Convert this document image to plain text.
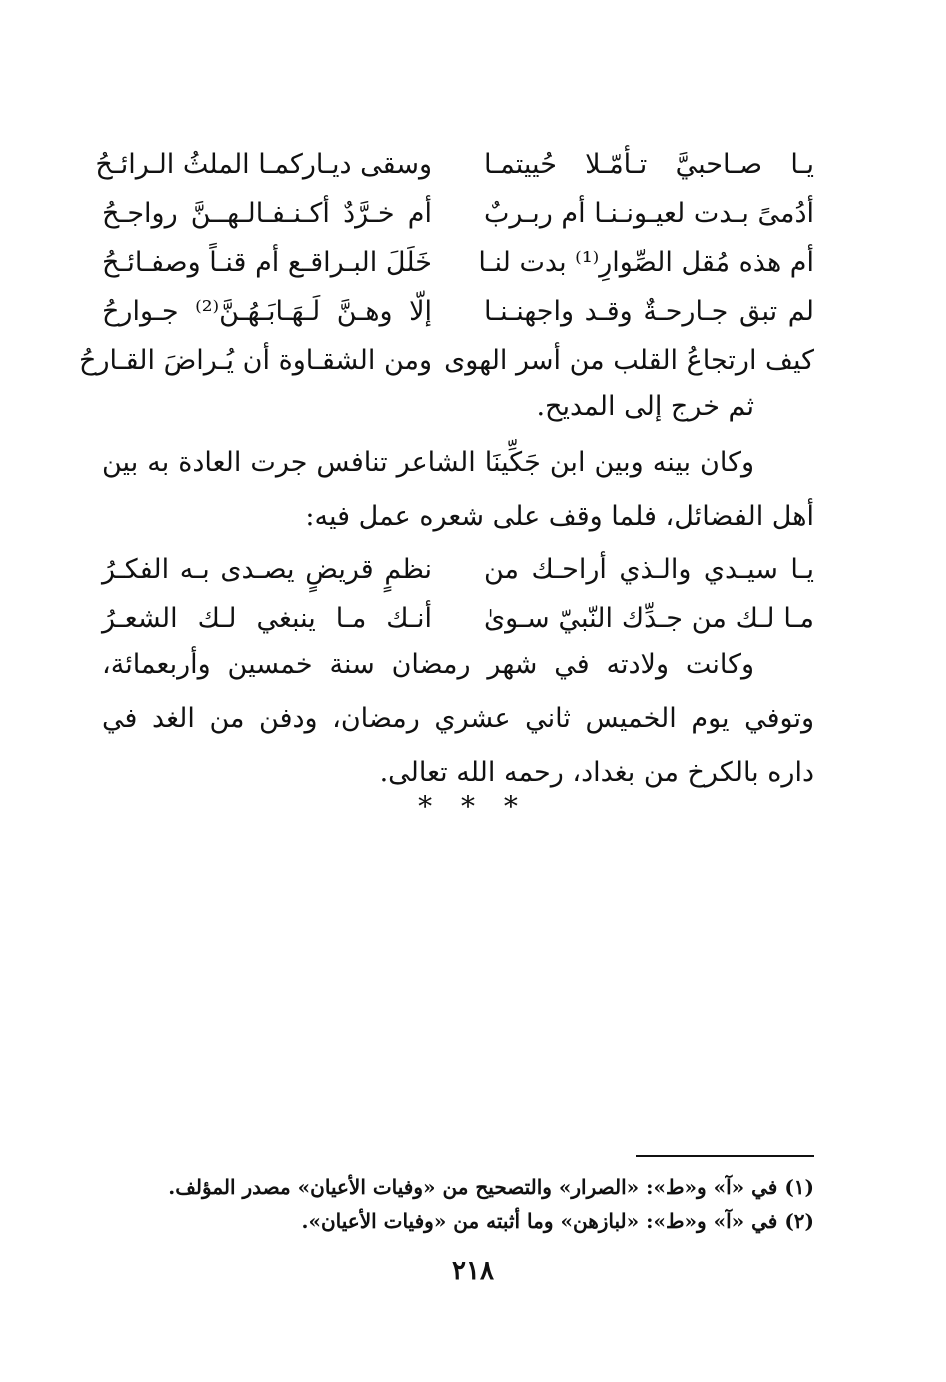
يـا صـاحبيَّ تـأمّـلا حُييتمـا
وسقى ديـاركمـا الملثُ الـرائـحُ
أدُمىً بـدت لعيـونـنـا أم ربـربٌ
أم خـرَّدٌ أكـنـفـالـهــنَّ رواجـحُ
أم هذه مُقل الصِّوارِ⁽¹⁾ بدت لنـا
خَلَلَ البـراقـع أم قنـاً وصفـائـحُ
لم تبق جـارحـةٌ وقـد واجهنـنـا
إلّا وهـنَّ لَـهَـابَـهُـنَّ⁽²⁾ جـوارحُ
كيف ارتجاعُ القلب من أسر الهوى
ومن الشقـاوة أن يُـراضَ القـارحُ

ثم خرج إلى المديح.

وكان بينه وبين ابن جَكِّينَا الشاعر تنافس جرت العادة به بين أهل الفضائل، فلما وقف على شعره عمل فيه:

يـا سيـدي والـذي أراحـك من
نظمٍ قريضٍ يصـدى بـه الفكـرُ
مـا لـك من جـدِّك النّبيّ سـوىٰ
أنـك مـا ينبغي لـك الشعـرُ

وكانت ولادته في شهر رمضان سنة خمسين وأربعمائة، وتوفي يوم الخميس ثاني عشري رمضان، ودفن من الغد في داره بالكرخ من بغداد، رحمه الله تعالى.

* * *

(١) في «آ» و«ط»: «الصرار» والتصحيح من «وفيات الأعيان» مصدر المؤلف.

(٢) في «آ» و«ط»: «لبازهن» وما أثبته من «وفيات الأعيان».

٢١٨
